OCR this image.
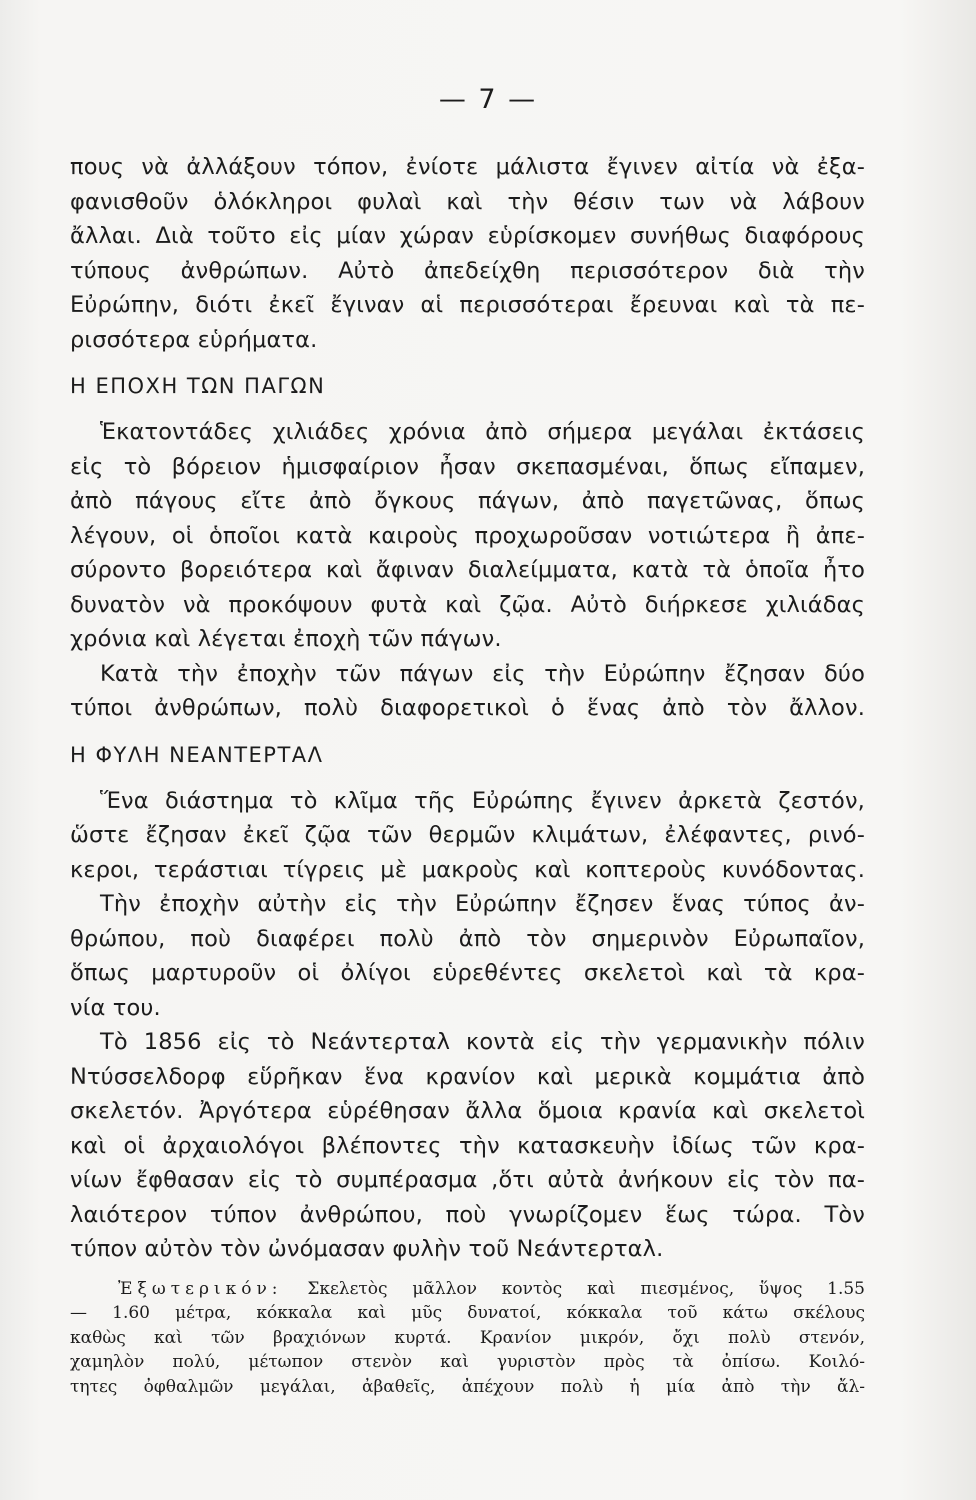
— 7 —
πους νὰ ἀλλάξουν τόπον, ἐνίοτε μάλιστα ἔγινεν αἰτία νὰ ἐξα-
φανισθοῦν ὁλόκληροι φυλαὶ καὶ τὴν θέσιν των νὰ λάβουν
ἄλλαι. Διὰ τοῦτο εἰς μίαν χώραν εὑρίσκομεν συνήθως διαφόρους
τύπους ἀνθρώπων. Αὐτὸ ἀπεδείχθη περισσότερον διὰ τὴν
Εὐρώπην, διότι ἐκεῖ ἔγιναν αἱ περισσότεραι ἔρευναι καὶ τὰ πε-
ρισσότερα εὑρήματα.
Η ΕΠΟΧΗ ΤΩΝ ΠΑΓΩΝ
Ἑκατοντάδες χιλιάδες χρόνια ἀπὸ σήμερα μεγάλαι ἐκτάσεις
εἰς τὸ βόρειον ἡμισφαίριον ἦσαν σκεπασμέναι, ὅπως εἴπαμεν,
ἀπὸ πάγους εἴτε ἀπὸ ὄγκους πάγων, ἀπὸ παγετῶνας, ὅπως
λέγουν, οἱ ὁποῖοι κατὰ καιροὺς προχωροῦσαν νοτιώτερα ἢ ἀπε-
σύροντο βορειότερα καὶ ἄφιναν διαλείμματα, κατὰ τὰ ὁποῖα ἦτο
δυνατὸν νὰ προκόψουν φυτὰ καὶ ζῷα. Αὐτὸ διήρκεσε χιλιάδας
χρόνια καὶ λέγεται ἐποχὴ τῶν πάγων.
Κατὰ τὴν ἐποχὴν τῶν πάγων εἰς τὴν Εὐρώπην ἔζησαν δύο
τύποι ἀνθρώπων, πολὺ διαφορετικοὶ ὁ ἕνας ἀπὸ τὸν ἄλλον.
Η ΦΥΛΗ ΝΕΑΝΤΕΡΤΑΛ
Ἕνα διάστημα τὸ κλῖμα τῆς Εὐρώπης ἔγινεν ἀρκετὰ ζεστόν,
ὥστε ἔζησαν ἐκεῖ ζῷα τῶν θερμῶν κλιμάτων, ἐλέφαντες, ρινό-
κεροι, τεράστιαι τίγρεις μὲ μακροὺς καὶ κοπτεροὺς κυνόδοντας.
Τὴν ἐποχὴν αὐτὴν εἰς τὴν Εὐρώπην ἔζησεν ἕνας τύπος ἀν-
θρώπου, ποὺ διαφέρει πολὺ ἀπὸ τὸν σημερινὸν Εὐρωπαῖον,
ὅπως μαρτυροῦν οἱ ὀλίγοι εὑρεθέντες σκελετοὶ καὶ τὰ κρα-
νία του.
Τὸ 1856 εἰς τὸ Νεάντερταλ κοντὰ εἰς τὴν γερμανικὴν πόλιν
Ντύσσελδορφ εὕρῆκαν ἕνα κρανίον καὶ μερικὰ κομμάτια ἀπὸ
σκελετόν. Ἀργότερα εὑρέθησαν ἄλλα ὅμοια κρανία καὶ σκελετοὶ
καὶ οἱ ἀρχαιολόγοι βλέποντες τὴν κατασκευὴν ἰδίως τῶν κρα-
νίων ἔφθασαν εἰς τὸ συμπέρασμα ,ὅτι αὐτὰ ἀνήκουν εἰς τὸν πα-
λαιότερον τύπον ἀνθρώπου, ποὺ γνωρίζομεν ἕως τώρα. Τὸν
τύπον αὐτὸν τὸν ὠνόμασαν φυλὴν τοῦ Νεάντερταλ.
Ἐξωτερικόν: Σκελετὸς μᾶλλον κοντὸς καὶ πιεσμένος, ὕψος 1.55
— 1.60 μέτρα, κόκκαλα καὶ μῦς δυνατοί, κόκκαλα τοῦ κάτω σκέλους
καθὼς καὶ τῶν βραχιόνων κυρτά. Κρανίον μικρόν, ὄχι πολὺ στενόν,
χαμηλὸν πολύ, μέτωπον στενὸν καὶ γυριστὸν πρὸς τὰ ὀπίσω. Κοιλό-
τητες ὀφθαλμῶν μεγάλαι, ἀβαθεῖς, ἀπέχουν πολὺ ἡ μία ἀπὸ τὴν ἄλ-
